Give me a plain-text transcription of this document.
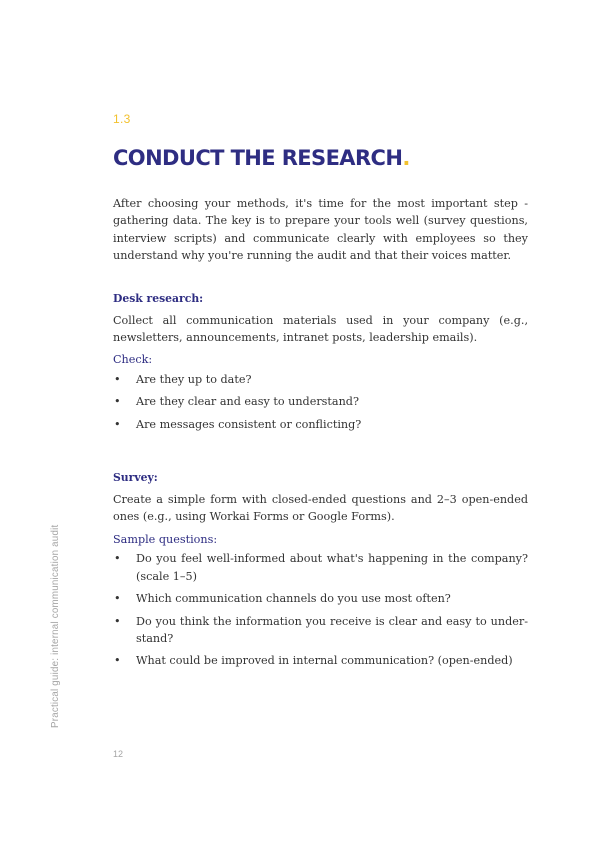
1.3
CONDUCT THE RESEARCH.

After choosing your methods, it's time for the most important step - gathering data. The key is to prepare your tools well (survey questions, interview scripts) and communicate clearly with employees so they understand why you're running the audit and that their voices matter.

Desk research:

Collect all communication materials used in your company (e.g., newsletters, announcements, intranet posts, leadership emails).

Check:

• Are they up to date?
• Are they clear and easy to understand?
• Are messages consistent or conflicting?

Survey:

Create a simple form with closed-ended questions and 2–3 open-ended ones (e.g., using Workai Forms or Google Forms).

Sample questions:

• Do you feel well-informed about what's happening in the company? (scale 1–5)
• Which communication channels do you use most often?
• Do you think the information you receive is clear and easy to understand?
• What could be improved in internal communication? (open-ended)
Practical guide: internal communication audit
12
